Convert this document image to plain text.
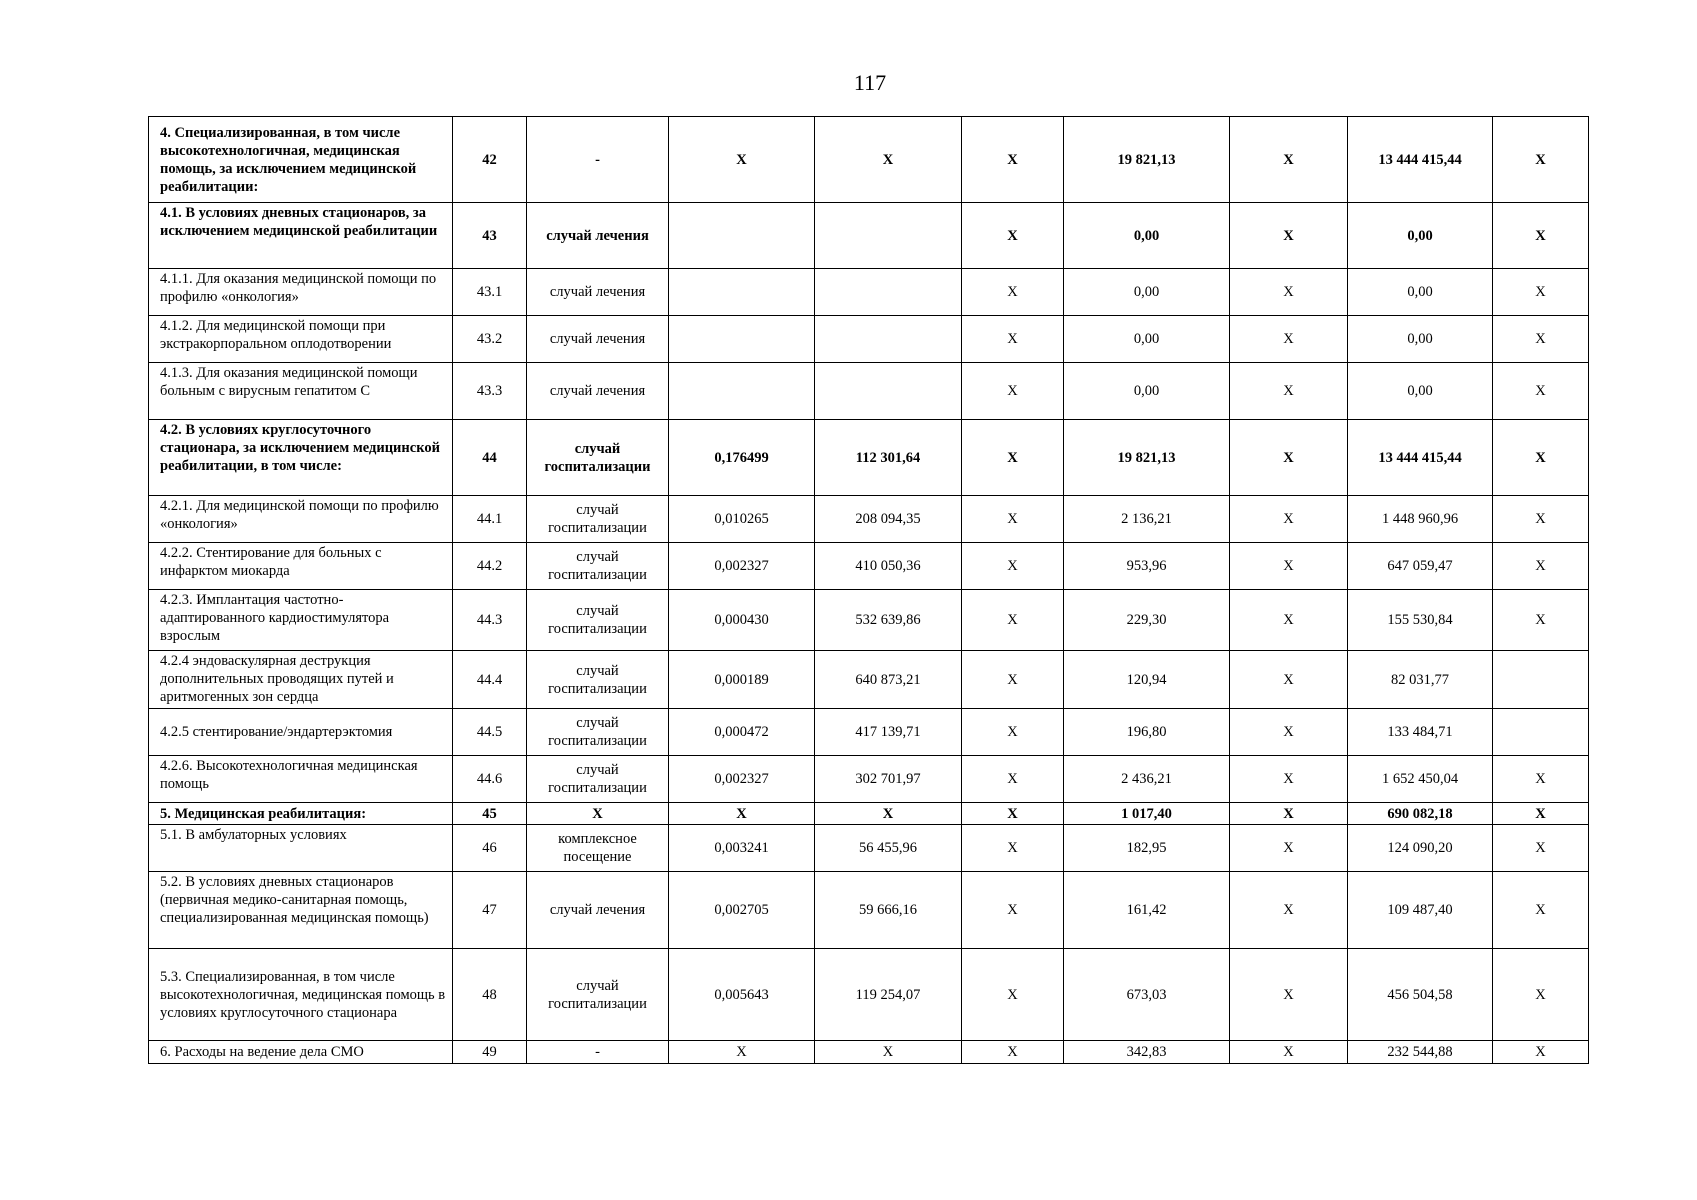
117
4. Специализированная, в том числе высокотехнологичная, медицинская помощь, за исключением медицинской реабилитации:	42	-	Х	Х	Х	19 821,13	Х	13 444 415,44	Х
4.1. В условиях дневных стационаров, за исключением медицинской реабилитации	43	случай лечения			Х	0,00	Х	0,00	Х
4.1.1. Для оказания медицинской помощи по профилю «онкология»	43.1	случай лечения			Х	0,00	Х	0,00	Х
4.1.2. Для медицинской помощи при экстракорпоральном оплодотворении	43.2	случай лечения			Х	0,00	Х	0,00	Х
4.1.3. Для оказания медицинской помощи больным с вирусным гепатитом С	43.3	случай лечения			Х	0,00	Х	0,00	Х
4.2. В условиях круглосуточного стационара, за исключением медицинской реабилитации, в том числе:	44	случай госпитализации	0,176499	112 301,64	Х	19 821,13	Х	13 444 415,44	Х
4.2.1. Для медицинской помощи по профилю «онкология»	44.1	случай госпитализации	0,010265	208 094,35	Х	2 136,21	Х	1 448 960,96	Х
4.2.2. Стентирование для больных с инфарктом миокарда	44.2	случай госпитализации	0,002327	410 050,36	Х	953,96	Х	647 059,47	Х
4.2.3. Имплантация частотно-адаптированного кардиостимулятора взрослым	44.3	случай госпитализации	0,000430	532 639,86	Х	229,30	Х	155 530,84	Х
4.2.4 эндоваскулярная деструкция дополнительных проводящих путей и аритмогенных зон сердца	44.4	случай госпитализации	0,000189	640 873,21	Х	120,94	Х	82 031,77	
4.2.5 стентирование/эндартерэктомия	44.5	случай госпитализации	0,000472	417 139,71	Х	196,80	Х	133 484,71	
4.2.6. Высокотехнологичная медицинская помощь	44.6	случай госпитализации	0,002327	302 701,97	Х	2 436,21	Х	1 652 450,04	Х
5. Медицинская реабилитация:	45	Х	Х	Х	Х	1 017,40	Х	690 082,18	Х
5.1. В амбулаторных условиях	46	комплексное посещение	0,003241	56 455,96	Х	182,95	Х	124 090,20	Х
5.2. В условиях дневных стационаров (первичная медико-санитарная помощь, специализированная медицинская помощь)	47	случай лечения	0,002705	59 666,16	Х	161,42	Х	109 487,40	Х
5.3. Специализированная, в том числе высокотехнологичная, медицинская помощь в условиях круглосуточного стационара	48	случай госпитализации	0,005643	119 254,07	Х	673,03	Х	456 504,58	Х
6. Расходы на ведение дела СМО	49	-	Х	Х	Х	342,83	Х	232 544,88	Х
